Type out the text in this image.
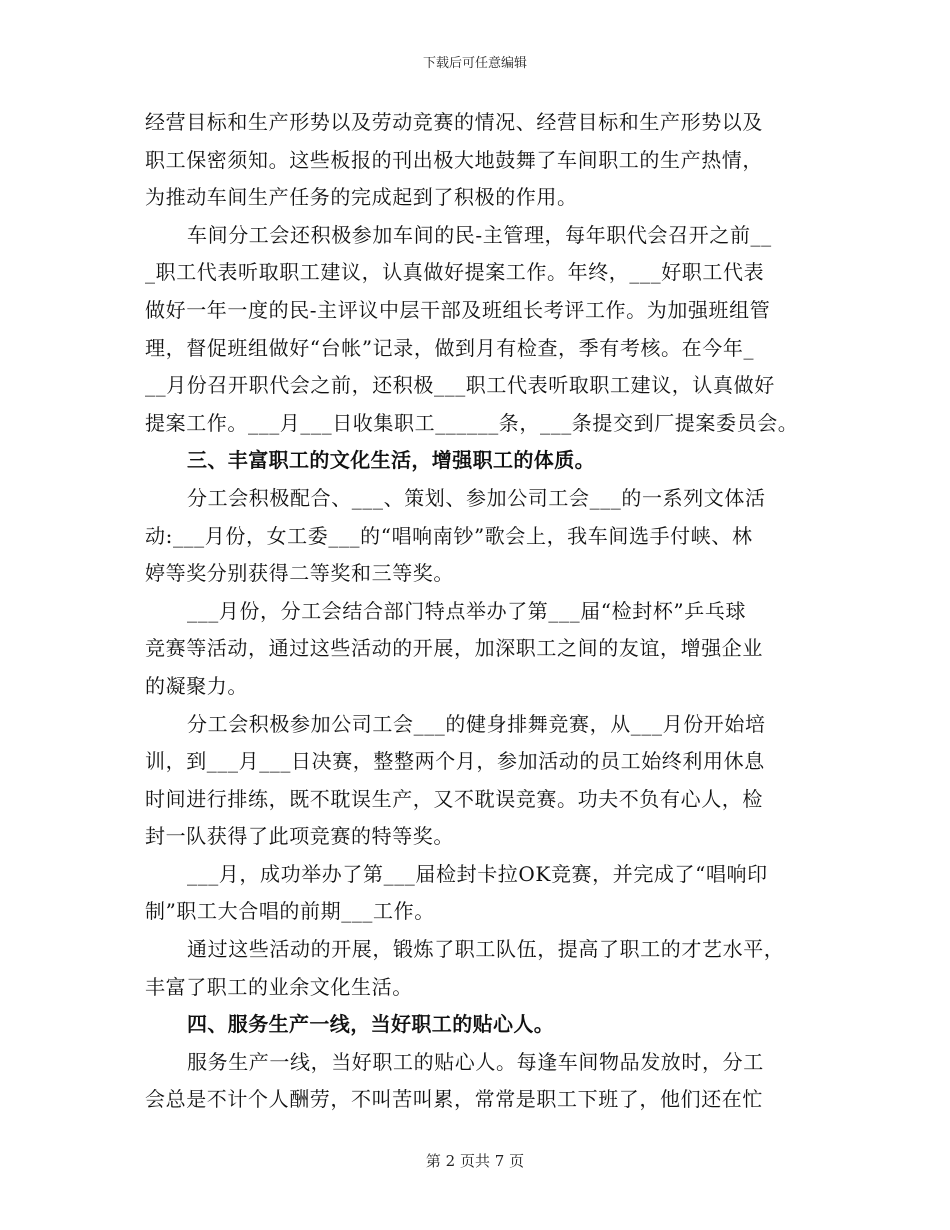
下载后可任意编辑
经营目标和生产形势以及劳动竞赛的情况、经营目标和生产形势以及
职工保密须知。这些板报的刊出极大地鼓舞了车间职工的生产热情，
为推动车间生产任务的完成起到了积极的作用。
车间分工会还积极参加车间的民-主管理，每年职代会召开之前__
_职工代表听取职工建议，认真做好提案工作。年终，___好职工代表
做好一年一度的民-主评议中层干部及班组长考评工作。为加强班组管
理，督促班组做好“台帐”记录，做到月有检查，季有考核。在今年_
__月份召开职代会之前，还积极___职工代表听取职工建议，认真做好
提案工作。___月___日收集职工______条，___条提交到厂提案委员会。
三、丰富职工的文化生活，增强职工的体质。
分工会积极配合、___、策划、参加公司工会___的一系列文体活
动:___月份，女工委___的“唱响南钞”歌会上，我车间选手付峡、林
婷等奖分别获得二等奖和三等奖。
___月份，分工会结合部门特点举办了第___届“检封杯”乒乓球
竞赛等活动，通过这些活动的开展，加深职工之间的友谊，增强企业
的凝聚力。
分工会积极参加公司工会___的健身排舞竞赛，从___月份开始培
训，到___月___日决赛，整整两个月，参加活动的员工始终利用休息
时间进行排练，既不耽误生产，又不耽误竞赛。功夫不负有心人，检
封一队获得了此项竞赛的特等奖。
___月，成功举办了第___届检封卡拉OK竞赛，并完成了“唱响印
制”职工大合唱的前期___工作。
通过这些活动的开展，锻炼了职工队伍，提高了职工的才艺水平，
丰富了职工的业余文化生活。
四、服务生产一线，当好职工的贴心人。
服务生产一线，当好职工的贴心人。每逢车间物品发放时，分工
会总是不计个人酬劳，不叫苦叫累，常常是职工下班了，他们还在忙
第 2 页共 7 页
